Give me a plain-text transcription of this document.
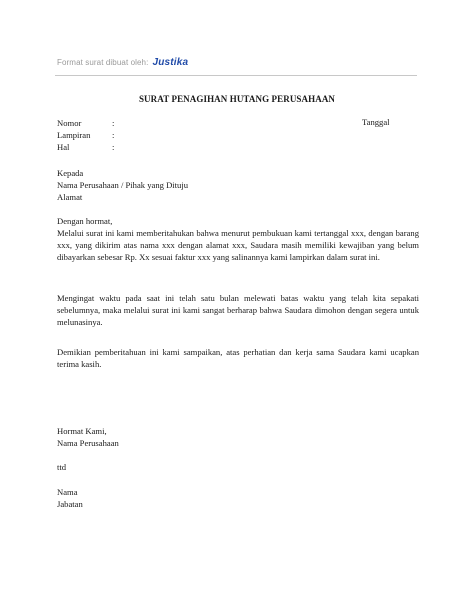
Format surat dibuat oleh: Justika
SURAT PENAGIHAN HUTANG PERUSAHAAN
Nomor	:
Lampiran	:
Hal	:
Tanggal
Kepada
Nama Perusahaan / Pihak yang Dituju
Alamat
Dengan hormat,
Melalui surat ini kami memberitahukan bahwa menurut pembukuan kami tertanggal xxx, dengan barang xxx, yang dikirim atas nama xxx dengan alamat xxx, Saudara masih memiliki kewajiban yang belum dibayarkan sebesar Rp. Xx sesuai faktur xxx yang salinannya kami lampirkan dalam surat ini.
Mengingat waktu pada saat ini telah satu bulan melewati batas waktu yang telah kita sepakati sebelumnya, maka melalui surat ini kami sangat berharap bahwa Saudara dimohon dengan segera untuk melunasinya.
Demikian pemberitahuan ini kami sampaikan, atas perhatian dan kerja sama Saudara kami ucapkan terima kasih.
Hormat Kami,
Nama Perusahaan
ttd
Nama
Jabatan
